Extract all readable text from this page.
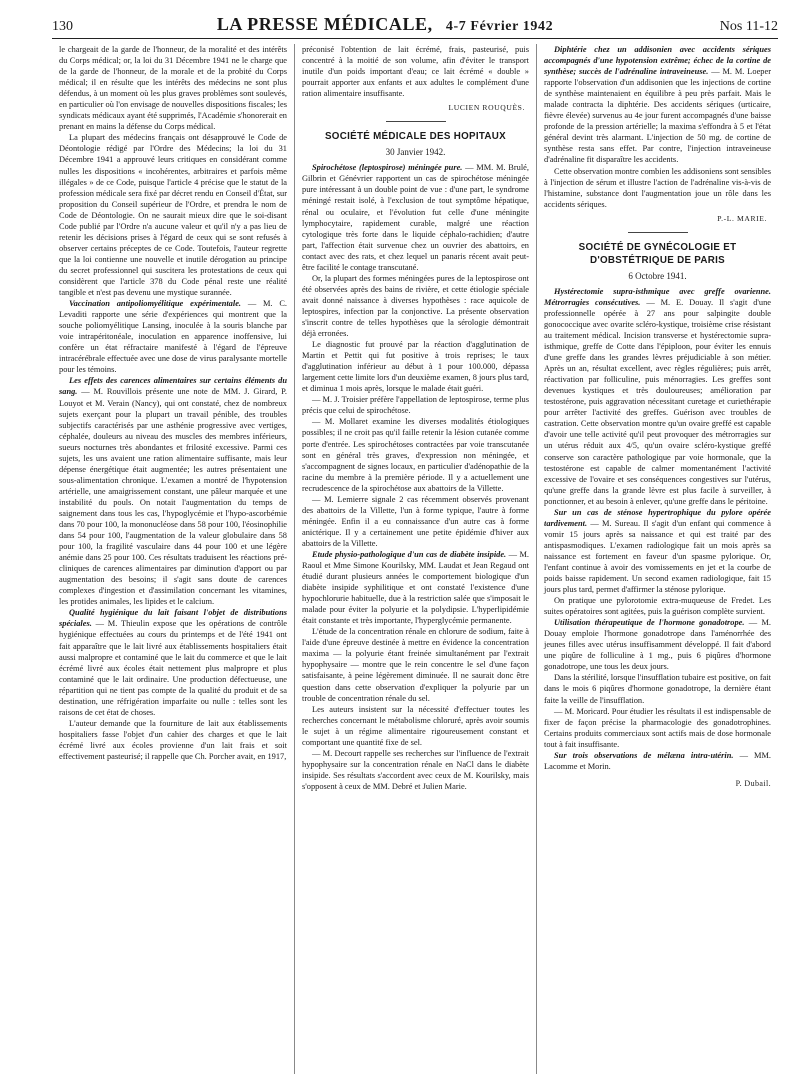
130	LA PRESSE MÉDICALE, 4-7 Février 1942	Nos 11-12

le chargeait de la garde de l'honneur, de la moralité et des intérêts du Corps médical; or, la loi du 31 Décembre 1941 ne le charge que de la garde de l'honneur, de la morale et de la probité du Corps médical; il en résulte que les intérêts des médecins ne sont plus défendus, à un moment où les plus graves problèmes sont soulevés, en particulier où l'on envisage de nouvelles dispositions fiscales; les syndicats médicaux ayant été supprimés, l'Académie s'honorerait en prenant en mains la défense du Corps médical.

La plupart des médecins français ont désapprouvé le Code de Déontologie rédigé par l'Ordre des Médecins; la loi du 31 Décembre 1941 a approuvé leurs critiques en considérant comme nulles les dispositions « incohérentes, arbitraires et parfois même illégales » de ce Code, puisque l'article 4 précise que le statut de la profession médicale sera fixé par décret rendu en Conseil d'État, sur proposition du Conseil supérieur de l'Ordre, et prendra le nom de Code de Déontologie. On ne saurait mieux dire que le soi-disant Code publié par l'Ordre n'a aucune valeur et qu'il n'y a pas lieu de retenir les décisions prises à l'égard de ceux qui se sont refusés à observer certains préceptes de ce Code. Toutefois, l'auteur regrette que la loi contienne une nouvelle et inutile dérogation au principe du secret professionnel qui suscitera les protestations de ceux qui considèrent que l'article 378 du Code pénal reste une réalité tangible et n'est pas devenu une mystique surannée.

Vaccination antipoliomyélitique expérimentale. — M. C. Levaditi rapporte une série d'expériences qui montrent que la souche poliomyélitique Lansing, inoculée à la souris blanche par voie intrapéritonéale, inoculation en apparence inoffensive, lui confère un état réfractaire manifesté à l'égard de l'épreuve intracérébrale effectuée avec une dose de virus paralysante mortelle pour les témoins.

Les effets des carences alimentaires sur certains éléments du sang. — M. Rouvillois présente une note de MM. J. Girard, P. Louyot et M. Verain (Nancy), qui ont constaté, chez de nombreux sujets exerçant pour la plupart un travail pénible, des troubles subjectifs caractérisés par une asthénie progressive avec vertiges, céphalée, douleurs au niveau des muscles des membres inférieurs, sueurs nocturnes très abondantes et frilosité excessive. Parmi ces sujets, les uns avaient une ration alimentaire suffisante, mais leur dépense énergétique était augmentée; les autres présentaient une sous-alimentation chronique. L'examen a montré de l'hypotension artérielle, une amaigrissement constant, une pâleur marquée et une instabilité du pouls. On notait l'augmentation du temps de saignement dans tous les cas, l'hypoglycémie et l'hypo-ascorbémie dans 70 pour 100, la mononucléose dans 58 pour 100, l'éosinophilie dans 54 pour 100, l'augmentation de la valeur globulaire dans 58 pour 100, la fragilité vasculaire dans 44 pour 100 et une légère anémie dans 25 pour 100. Ces résultats traduisent les réactions pré-cliniques de carences alimentaires par diminution d'apport ou par augmentation des besoins; il s'agit sans doute de carences complexes d'ingestion et d'assimilation concernant les vitamines, les protides animales, les lipides et le calcium.

Qualité hygiénique du lait faisant l'objet de distributions spéciales. — M. Thieulin expose que les opérations de contrôle hygiénique effectuées au cours du printemps et de l'été 1941 ont fait apparaître que le lait livré aux établissements hospitaliers était aussi malpropre et contaminé que le lait du commerce et que le lait écrémé livré aux écoles était nettement plus malpropre et plus contaminé que le lait ordinaire. Une production défectueuse, une répartition qui ne tient pas compte de la qualité du produit et de sa destination, une réfrigération imparfaite ou nulle : telles sont les raisons de cet état de choses.

L'auteur demande que la fourniture de lait aux établissements hospitaliers fasse l'objet d'un cahier des charges et que le lait écrémé livré aux écoles provienne d'un lait frais et soit effectivement pasteurisé; il rappelle que Ch. Porcher avait, en 1917,

préconisé l'obtention de lait écrémé, frais, pasteurisé, puis concentré à la moitié de son volume, afin d'éviter le transport inutile d'un poids important d'eau; ce lait écrémé « double » pourrait apporter aux enfants et aux adultes le complément d'une ration alimentaire insuffisante.

LUCIEN ROUQUÈS.
SOCIÉTÉ MÉDICALE DES HOPITAUX
30 Janvier 1942.

Spirochétose (leptospirose) méningée pure. — MM. M. Brulé, Gilbrin et Génévrier rapportent un cas de spirochétose méningée pure intéressant à un double point de vue : d'une part, le syndrome méningé restait isolé, à l'exclusion de tout symptôme hépatique, rénal ou oculaire, et l'évolution fut celle d'une méningite lymphocytaire, rapidement curable, malgré une réaction cytologique très forte dans le liquide céphalo-rachidien; d'autre part, l'affection était survenue chez un ouvrier des abattoirs, en contact avec des rats, et chez lequel un panaris récent avait peut-être facilité le contage transcutané.

Or, la plupart des formes méningées pures de la leptospirose ont été observées après des bains de rivière, et cette étiologie spéciale avait donné naissance à diverses hypothèses : race aquicole de leptospires, infection par la conjonctive. La présente observation s'inscrit contre de telles hypothèses que la sérologie démontrait déjà erronées.

Le diagnostic fut prouvé par la réaction d'agglutination de Martin et Pettit qui fut positive à trois reprises; le taux d'agglutination inférieur au début à 1 pour 100.000, dépassa largement cette limite lors d'un deuxième examen, 8 jours plus tard, et diminua 1 mois après, lorsque le malade était guéri.

— M. J. Troisier préfère l'appellation de leptospirose, terme plus précis que celui de spirochétose.

— M. Mollaret examine les diverses modalités étiologiques possibles; il ne croit pas qu'il faille retenir la lésion cutanée comme porte d'entrée. Les spirochétoses contractées par voie transcutanée sont en général très graves, d'expression non méningée, et s'accompagnent de signes locaux, en particulier d'adénopathie de la racine du membre à la première période. Il y a actuellement une recrudescence de la spirochétose aux abattoirs de la Villette.

— M. Lemierre signale 2 cas récemment observés provenant des abattoirs de la Villette, l'un à forme typique, l'autre à forme méningée. Enfin il a eu connaissance d'un autre cas à forme anictérique. Il y a certainement une petite épidémie d'hiver aux abattoirs de la Villette.

Etude physio-pathologique d'un cas de diabète insipide. — M. Raoul et Mme Simone Kourilsky, MM. Laudat et Jean Regaud ont étudié durant plusieurs années le comportement biologique d'un diabète insipide syphilitique et ont constaté l'existence d'une hypochlorurie habituelle, due à la restriction salée que s'imposait le malade pour éviter la polyurie et la polydipsie. L'hyperlipidémie était constante et très importante, l'hyperglycémie permanente.

L'étude de la concentration rénale en chlorure de sodium, faite à l'aide d'une épreuve destinée à mettre en évidence la concentration maxima — la polyurie étant freinée simultanément par l'extrait hypophysaire — montre que le rein concentre le sel d'une façon satisfaisante, à peine légèrement diminuée. Il ne saurait donc être question dans cette observation d'expliquer la polyurie par un trouble de concentration rénale du sel.

Les auteurs insistent sur la nécessité d'effectuer toutes les recherches concernant le métabolisme chloruré, après avoir soumis le sujet à un régime alimentaire rigoureusement constant et comportant une quantité fixe de sel.

— M. Decourt rappelle ses recherches sur l'influence de l'extrait hypophysaire sur la concentration rénale en NaCl dans le diabète insipide. Ses résultats s'accordent avec ceux de M. Kourilsky, mais s'opposent à ceux de MM. Debré et Julien Marie.

Diphtérie chez un addisonien avec accidents sériques accompagnés d'une hypotension extrême; échec de la cortine de synthèse; succès de l'adrénaline intraveineuse. — M. M. Loeper rapporte l'observation d'un addisonien que les injections de cortine de synthèse maintenaient en équilibre à peu près parfait. Mais le malade contracta la diphtérie. Des accidents sériques (urticaire, fièvre élevée) survenus au 4e jour furent accompagnés d'une baisse profonde de la pression artérielle; la maxima s'effondra à 5 et l'état général devint très alarmant. L'injection de 50 mg. de cortine de synthèse resta sans effet. Par contre, l'injection intraveineuse d'adrénaline fit disparaître les accidents.

Cette observation montre combien les addisoniens sont sensibles à l'injection de sérum et illustre l'action de l'adrénaline vis-à-vis de l'histamine, substance dont l'augmentation joue un rôle dans les accidents sériques.

P.-L. MARIE.
SOCIÉTÉ DE GYNÉCOLOGIE ET D'OBSTÉTRIQUE DE PARIS
6 Octobre 1941.

Hystérectomie supra-isthmique avec greffe ovarienne. Métrorragies consécutives. — M. E. Douay. Il s'agit d'une professionnelle opérée à 27 ans pour salpingite double gonococcique avec ovarite scléro-kystique, troisième crise résistant au traitement médical. Incision transverse et hystérectomie supra-isthmique, greffe de Cotte dans l'épiploon, pour éviter les ennuis d'une greffe dans les grandes lèvres préjudiciable à son métier. Après un an, résultat excellent, avec règles régulières; puis arrêt, réactivation par folliculine, puis ménorragies. Les greffes sont devenues kystiques et très douloureuses; amélioration par testostérone, puis aggravation nécessitant curetage et curiethérapie pour arrêter l'activité des greffes. Guérison avec troubles de castration. Cette observation montre qu'un ovaire greffé est capable d'avoir une telle activité qu'il peut provoquer des métrorragies sur un utérus réduit aux 4/5, qu'un ovaire scléro-kystique greffé conserve son caractère pathologique par voie hormonale, que la testostérone est capable de calmer momentanément l'activité excessive de l'ovaire et ses conséquences congestives sur l'utérus, qu'une greffe dans la grande lèvre est plus facile à surveiller, à ponctionner, et au besoin à enlever, qu'une greffe dans le péritoine.

Sur un cas de sténose hypertrophique du pylore opérée tardivement. — M. Sureau. Il s'agit d'un enfant qui commence à vomir 15 jours après sa naissance et qui est traité par des antispasmodiques. L'examen radiologique fait un mois après sa naissance est fortement en faveur d'un spasme pylorique. Or, l'enfant continue à avoir des vomissements en jet et la courbe de poids baisse rapidement. Un second examen radiologique, fait 15 jours plus tard, permet d'affirmer la sténose pylorique.

On pratique une pylorotomie extra-muqueuse de Fredet. Les suites opératoires sont agitées, puis la guérison complète survient.

Utilisation thérapeutique de l'hormone gonadotrope. — M. Douay emploie l'hormone gonadotrope dans l'aménorrhée des jeunes filles avec utérus insuffisamment développé. Il fait d'abord une piqûre de folliculine à 1 mg., puis 6 piqûres d'hormone gonadotrope, une tous les deux jours.

Dans la stérilité, lorsque l'insufflation tubaire est positive, on fait dans le mois 6 piqûres d'hormone gonadotrope, la dernière étant faite la veille de l'insufflation.

— M. Moricard. Pour étudier les résultats il est indispensable de fixer de façon précise la pharmacologie des gonadotrophines. Certains produits commerciaux sont actifs mais de dose hormonale tout à fait insuffisante.

Sur trois observations de mélæna intra-utérin. — MM. Lacomme et Morin.

P. Dubail.
